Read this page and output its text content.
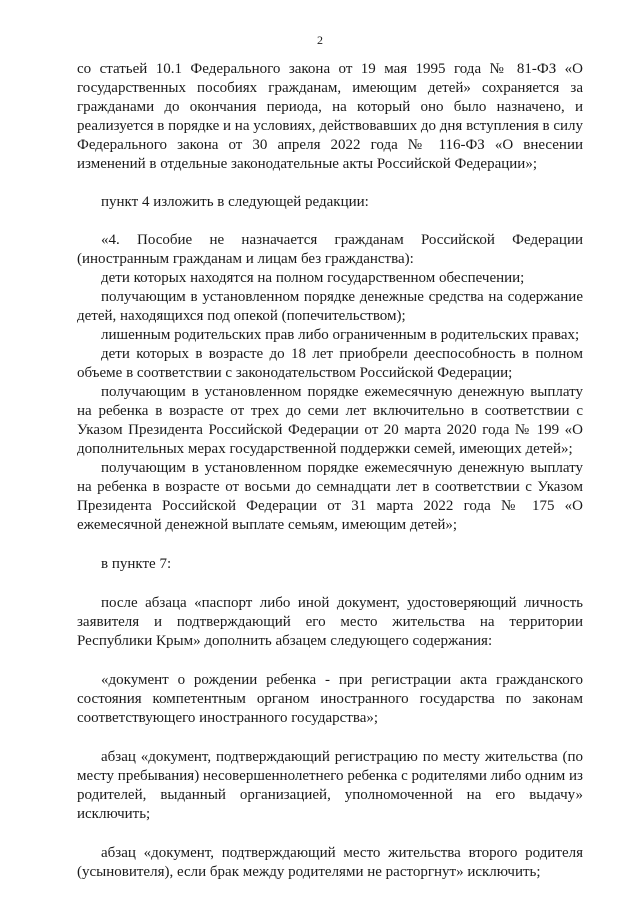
2

со статьей 10.1 Федерального закона от 19 мая 1995 года № 81-ФЗ «О государственных пособиях гражданам, имеющим детей» сохраняется за гражданами до окончания периода, на который оно было назначено, и реализуется в порядке и на условиях, действовавших до дня вступления в силу Федерального закона от 30 апреля 2022 года № 116-ФЗ «О внесении изменений в отдельные законодательные акты Российской Федерации»;

пункт 4 изложить в следующей редакции:

«4. Пособие не назначается гражданам Российской Федерации (иностранным гражданам и лицам без гражданства):

дети которых находятся на полном государственном обеспечении;

получающим в установленном порядке денежные средства на содержание детей, находящихся под опекой (попечительством);

лишенным родительских прав либо ограниченным в родительских правах;

дети которых в возрасте до 18 лет приобрели дееспособность в полном объеме в соответствии с законодательством Российской Федерации;

получающим в установленном порядке ежемесячную денежную выплату на ребенка в возрасте от трех до семи лет включительно в соответствии с Указом Президента Российской Федерации от 20 марта 2020 года № 199 «О дополнительных мерах государственной поддержки семей, имеющих детей»;

получающим в установленном порядке ежемесячную денежную выплату на ребенка в возрасте от восьми до семнадцати лет в соответствии с Указом Президента Российской Федерации от 31 марта 2022 года № 175 «О ежемесячной денежной выплате семьям, имеющим детей»;

в пункте 7:

после абзаца «паспорт либо иной документ, удостоверяющий личность заявителя и подтверждающий его место жительства на территории Республики Крым» дополнить абзацем следующего содержания:

«документ о рождении ребенка - при регистрации акта гражданского состояния компетентным органом иностранного государства по законам соответствующего иностранного государства»;

абзац «документ, подтверждающий регистрацию по месту жительства (по месту пребывания) несовершеннолетнего ребенка с родителями либо одним из родителей, выданный организацией, уполномоченной на его выдачу» исключить;

абзац «документ, подтверждающий место жительства второго родителя (усыновителя), если брак между родителями не расторгнут» исключить;
